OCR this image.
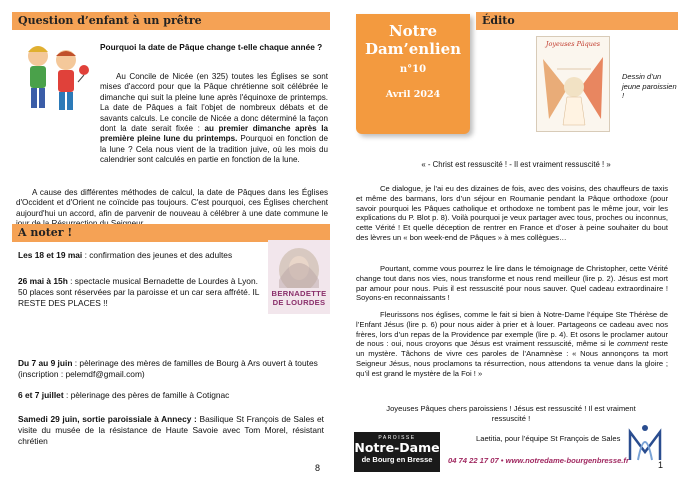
Question d’enfant à un prêtre
Pourquoi la date de Pâque change t-elle chaque année ?

Au Concile de Nicée (en 325) toutes les Églises se sont mises d'accord pour que la Pâque chrétienne soit célébrée le dimanche qui suit la pleine lune après l'équinoxe de printemps. La date de Pâques a fait l’objet de nombreux débats et de savants calculs. Le concile de Nicée a donc déterminé la façon dont la date serait fixée : au premier dimanche après la première pleine lune du printemps. Pourquoi en fonction de la lune ? Cela nous vient de la tradition juive, où les mois du calendrier sont calculés en partie en fonction de la lune.

A cause des différentes méthodes de calcul, la date de Pâques dans les Églises d'Occident et d'Orient ne coïncide pas toujours. C'est pourquoi, ces Églises cherchent aujourd'hui un accord, afin de parvenir de nouveau à célébrer à une date commune le

A noter !
BERNADETTE
DE LOURDES

Les 18 et 19 mai : confirmation des jeunes et des adultes

26 mai à 15h : spectacle musical Bernadette de Lourdes à Lyon. 50 places sont réservées par la paroisse et un car sera affrété. IL RESTE DES PLACES !!

Du 7 au 9 juin : pèlerinage des mères de familles de Bourg à Ars ouvert à toutes (inscription : pelemdf@gmail.com)

6 et 7 juillet : pèlerinage des pères de famille à Cotignac

Samedi 29 juin, sortie paroissiale à Annecy : Basilique St François de Sales et visite du musée de la résistance de Haute Savoie avec Tom Morel, résistant chrétien

8
Notre
Dam’enlien
n°10
Avril 2024
Édito
Joyeuses Pâques
Dessin d’un jeune paroissien !
« - Christ est ressuscité ! - Il est vraiment ressuscité ! »

Ce dialogue, je l’ai eu des dizaines de fois, avec des voisins, des chauffeurs de taxis et même des barmans, lors d’un séjour en Roumanie pendant la Pâque orthodoxe (pour savoir pourquoi les Pâques catholique et orthodoxe ne tombent pas le même jour, voir les explications du P. Blot p. 8). Voilà pourquoi je veux partager avec tous, proches ou inconnus, cette Vérité ! Et quelle déception de rentrer en France et d’oser à peine souhaiter du bout des lèvres un « bon week-end de Pâques » à mes collègues…

Pourtant, comme vous pourrez le lire dans le témoignage de Christopher, cette Vérité change tout dans nos vies, nous transforme et nous rend meilleur (lire p. 2). Jésus est mort par amour pour nous. Puis il est ressuscité pour nous sauver. Quel cadeau extraordinaire ! Soyons-en reconnaissants !

Fleurissons nos églises, comme le fait si bien à Notre-Dame l’équipe Ste Thérèse de l’Enfant Jésus (lire p. 6) pour nous aider à prier et à louer. Partageons ce cadeau avec nos frères, lors d’un repas de la Providence par exemple (lire p. 4). Et osons le proclamer autour de nous : oui, nous croyons que Jésus est vraiment ressuscité, même si le comment reste un mystère. Tâchons de vivre ces paroles de l’Anamnèse : « Nous annonçons ta mort Seigneur Jésus, nous proclamons ta résurrection, nous attendons ta venue dans la gloire ; qu’il est grand le mystère de la Foi ! »

Joyeuses Pâques chers paroissiens ! Jésus est ressuscité ! Il est vraiment ressuscité !
Laetitia, pour l’équipe St François de Sales
PAROISSE
Notre-Dame
de Bourg en Bresse	04 74 22 17 07 • www.notredame-bourgenbresse.fr	1
